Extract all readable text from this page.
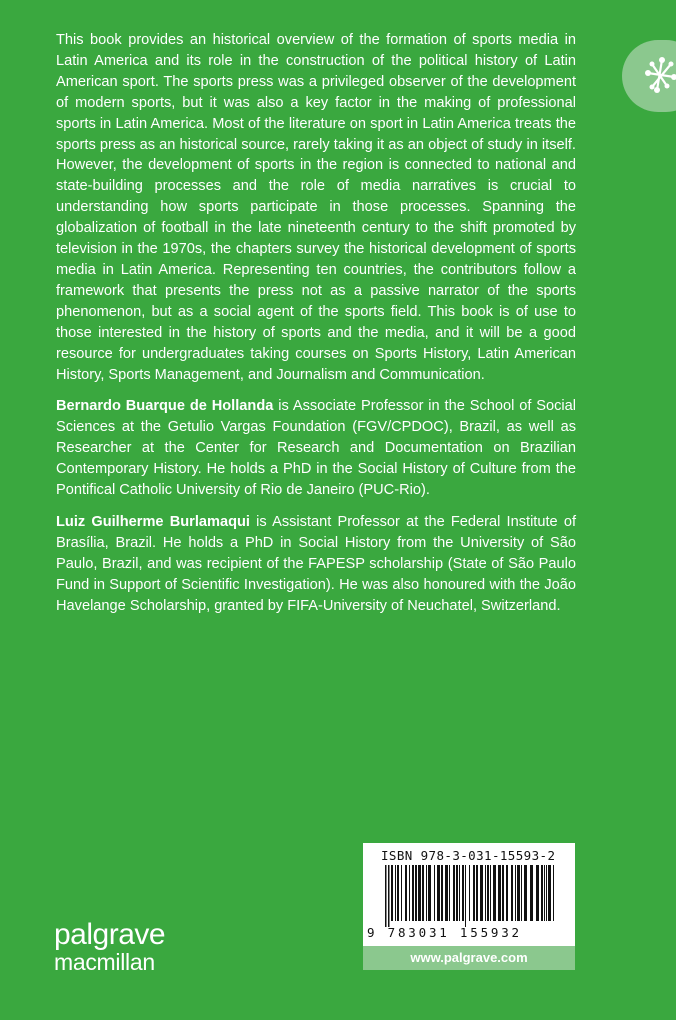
This book provides an historical overview of the formation of sports media in Latin America and its role in the construction of the political history of Latin American sport. The sports press was a privileged observer of the development of modern sports, but it was also a key factor in the making of professional sports in Latin America. Most of the literature on sport in Latin America treats the sports press as an historical source, rarely taking it as an object of study in itself. However, the development of sports in the region is connected to national and state-building processes and the role of media narratives is crucial to understanding how sports participate in those processes. Spanning the globalization of football in the late nineteenth century to the shift promoted by television in the 1970s, the chapters survey the historical development of sports media in Latin America. Representing ten countries, the contributors follow a framework that presents the press not as a passive narrator of the sports phenomenon, but as a social agent of the sports field. This book is of use to those interested in the history of sports and the media, and it will be a good resource for undergraduates taking courses on Sports History, Latin American History, Sports Management, and Journalism and Communication.

Bernardo Buarque de Hollanda is Associate Professor in the School of Social Sciences at the Getulio Vargas Foundation (FGV/CPDOC), Brazil, as well as Researcher at the Center for Research and Documentation on Brazilian Contemporary History. He holds a PhD in the Social History of Culture from the Pontifical Catholic University of Rio de Janeiro (PUC-Rio).

Luiz Guilherme Burlamaqui is Assistant Professor at the Federal Institute of Brasília, Brazil. He holds a PhD in Social History from the University of São Paulo, Brazil, and was recipient of the FAPESP scholarship (State of São Paulo Fund in Support of Scientific Investigation). He was also honoured with the João Havelange Scholarship, granted by FIFA-University of Neuchatel, Switzerland.

palgrave
macmillan
ISBN 978-3-031-15593-2
9 783031 155932
www.palgrave.com
